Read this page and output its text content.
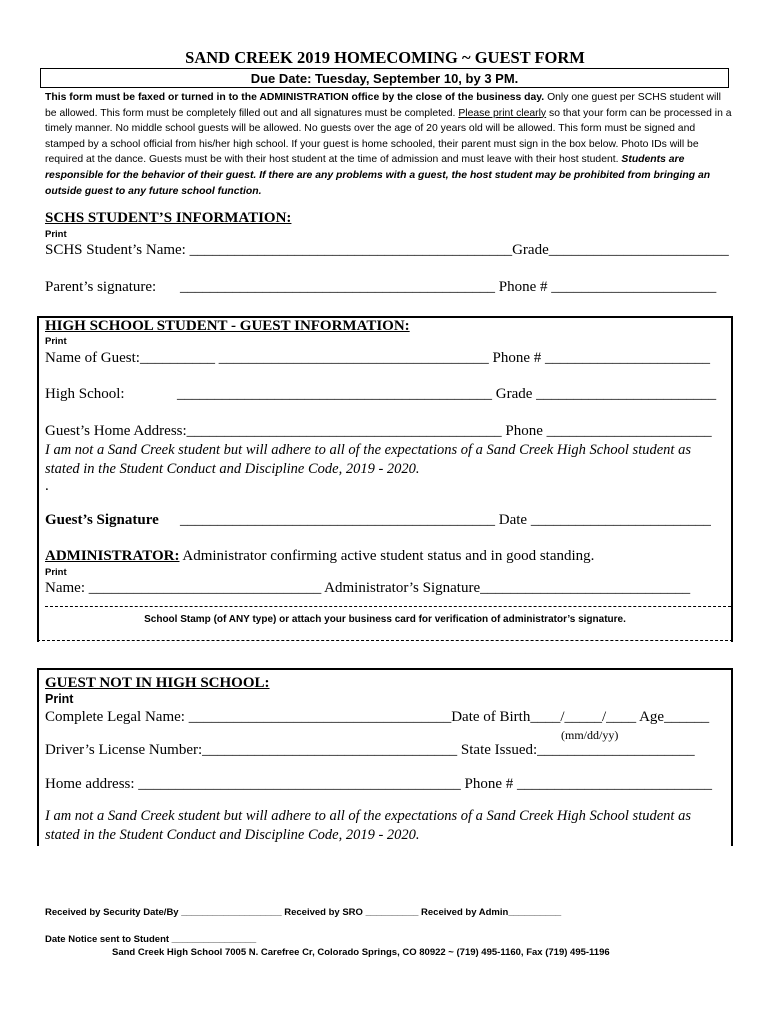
SAND CREEK 2019 HOMECOMING ~ GUEST FORM
Due Date: Tuesday, September 10, by 3 PM.
This form must be faxed or turned in to the ADMINISTRATION office by the close of the business day. Only one guest per SCHS student will be allowed. This form must be completely filled out and all signatures must be completed. Please print clearly so that your form can be processed in a timely manner. No middle school guests will be allowed. No guests over the age of 20 years old will be allowed. This form must be signed and stamped by a school official from his/her high school. If your guest is home schooled, their parent must sign in the box below. Photo IDs will be required at the dance. Guests must be with their host student at the time of admission and must leave with their host student. Students are responsible for the behavior of their guest. If there are any problems with a guest, the host student may be prohibited from bringing an outside guest to any future school function.
SCHS STUDENT’S INFORMATION:
Print
SCHS Student’s Name: ___________________________________________Grade________________________
Parent’s signature: __________________________________________ Phone # ______________________
HIGH SCHOOL STUDENT - GUEST INFORMATION:
Print
Name of Guest:__________ ____________________________________ Phone # ______________________
High School:	__________________________________________ Grade ________________________
Guest’s Home Address:__________________________________________ Phone ______________________
I am not a Sand Creek student but will adhere to all of the expectations of a Sand Creek High School student as
stated in the Student Conduct and Discipline Code, 2019 - 2020.
.
Guest’s Signature __________________________________________ Date ________________________
ADMINISTRATOR: Administrator confirming active student status and in good standing.
Print
Name: _______________________________ Administrator’s Signature____________________________
School Stamp (of ANY type) or attach your business card for verification of administrator’s signature.
GUEST NOT IN HIGH SCHOOL:
Print
Complete Legal Name: ___________________________________Date of Birth____/_____/____ Age______
(mm/dd/yy)
Driver’s License Number:__________________________________ State Issued:_____________________
Home address: ___________________________________________ Phone # __________________________
I am not a Sand Creek student but will adhere to all of the expectations of a Sand Creek High School student as
stated in the Student Conduct and Discipline Code, 2019 - 2020.
Received by Security Date/By ___________________ Received by SRO __________ Received by Admin__________
Date Notice sent to Student ________________
Sand Creek High School 7005 N. Carefree Cr, Colorado Springs, CO 80922 ~ (719) 495-1160, Fax (719) 495-1196
